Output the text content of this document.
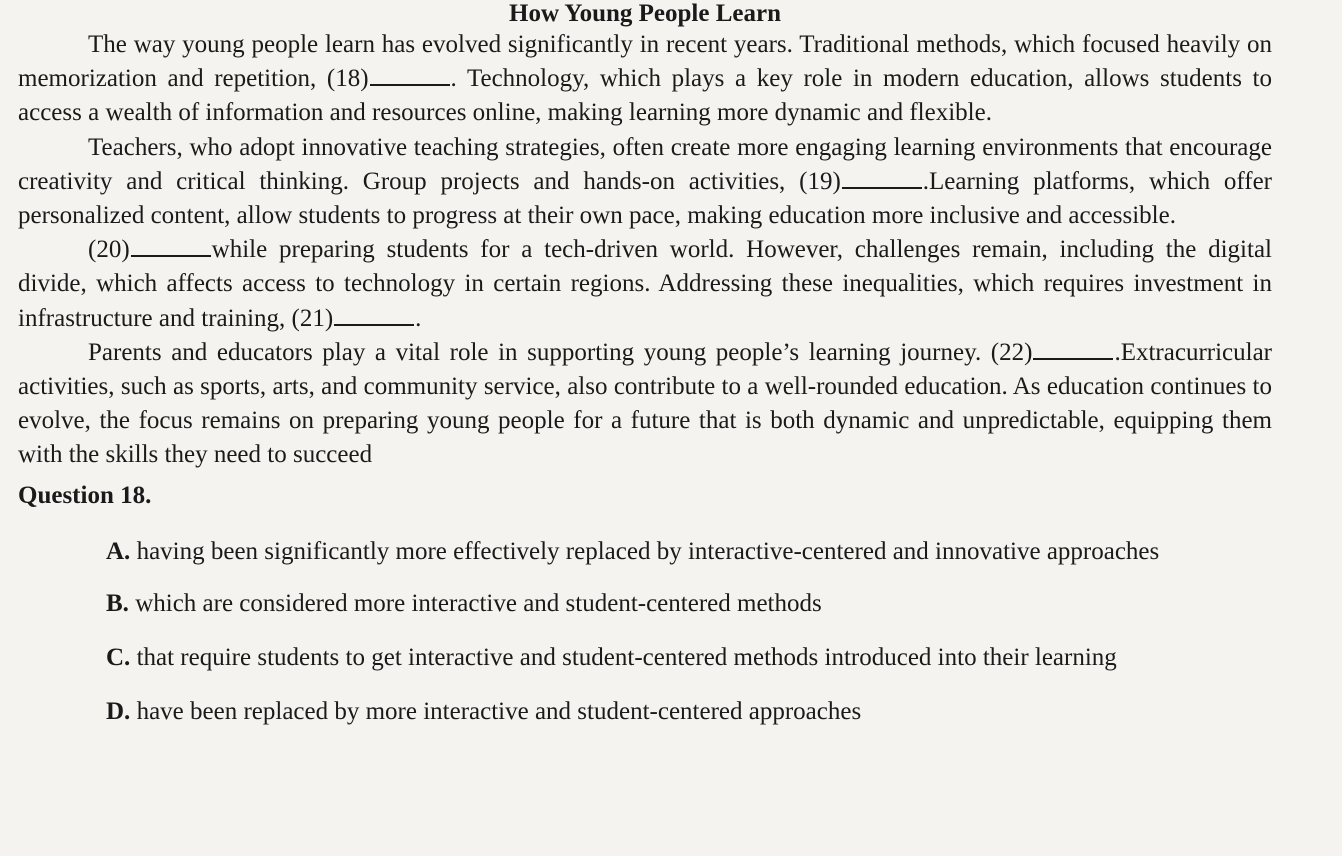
How Young People Learn

The way young people learn has evolved significantly in recent years. Traditional methods, which focused heavily on memorization and repetition, (18)	. Technology, which plays a key role in modern education, allows students to access a wealth of information and resources online, making learning more dynamic and flexible.

Teachers, who adopt innovative teaching strategies, often create more engaging learning environments that encourage creativity and critical thinking. Group projects and hands-on activities, (19)	.Learning platforms, which offer personalized content, allow students to progress at their own pace, making education more inclusive and accessible.

(20)	while preparing students for a tech-driven world. However, challenges remain, including the digital divide, which affects access to technology in certain regions. Addressing these inequalities, which requires investment in infrastructure and training, (21)	.

Parents and educators play a vital role in supporting young people’s learning journey. (22)	.Extracurricular activities, such as sports, arts, and community service, also contribute to a well-rounded education. As education continues to evolve, the focus remains on preparing young people for a future that is both dynamic and unpredictable, equipping them with the skills they need to succeed

Question 18.

A. having been significantly more effectively replaced by interactive-centered and innovative approaches

B. which are considered more interactive and student-centered methods

C. that require students to get interactive and student-centered methods introduced into their learning

D. have been replaced by more interactive and student-centered approaches
